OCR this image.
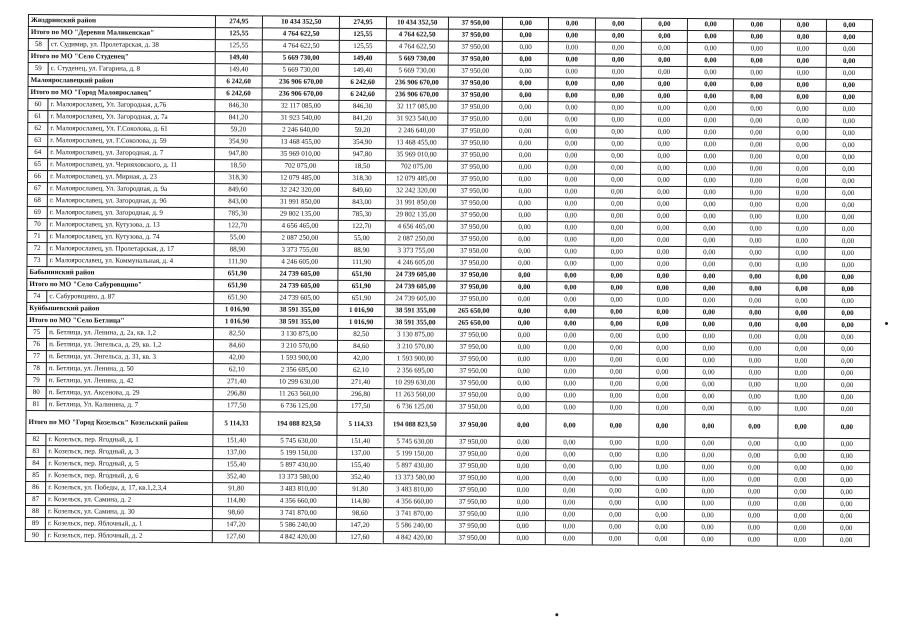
Жиздринский район		274,95	10 434 352,50	274,95	10 434 352,50	37 950,00	0,00	0,00	0,00	0,00	0,00	0,00	0,00	0,00
Итого по МО "Деревня Маликенская"		125,55	4 764 622,50	125,55	4 764 622,50	37 950,00	0,00	0,00	0,00	0,00	0,00	0,00	0,00	0,00
58	ст. Судимир, ул. Пролетарская, д. 38	125,55	4 764 622,50	125,55	4 764 622,50	37 950,00	0,00	0,00	0,00	0,00	0,00	0,00	0,00	0,00
Итого по МО "Село Студенец"		149,40	5 669 730,00	149,40	5 669 730,00	37 950,00	0,00	0,00	0,00	0,00	0,00	0,00	0,00	0,00
59	с. Студенец, ул. Гагарина, д. 8	149,40	5 669 730,00	149,40	5 669 730,00	37 950,00	0,00	0,00	0,00	0,00	0,00	0,00	0,00	0,00
Малоярославецкий район		6 242,60	236 906 670,00	6 242,60	236 906 670,00	37 950,00	0,00	0,00	0,00	0,00	0,00	0,00	0,00	0,00
Итого по МО "Город Малоярославец"		6 242,60	236 906 670,00	6 242,60	236 906 670,00	37 950,00	0,00	0,00	0,00	0,00	0,00	0,00	0,00	0,00
60	г. Малоярославец, Ул. Загородная, д.76	846,30	32 117 085,00	846,30	32 117 085,00	37 950,00	0,00	0,00	0,00	0,00	0,00	0,00	0,00	0,00
61	г. Малоярославец, Ул. Загородная, д. 7а	841,20	31 923 540,00	841,20	31 923 540,00	37 950,00	0,00	0,00	0,00	0,00	0,00	0,00	0,00	0,00
62	г. Малоярославец, Ул. Г.Соколова, д. 61	59,20	2 246 640,00	59,20	2 246 640,00	37 950,00	0,00	0,00	0,00	0,00	0,00	0,00	0,00	0,00
63	г. Малоярославец, ул. Г.Соколова, д. 59	354,90	13 468 455,00	354,90	13 468 455,00	37 950,00	0,00	0,00	0,00	0,00	0,00	0,00	0,00	0,00
64	г. Малоярославец, ул. Загородная, д. 7	947,80	35 969 010,00	947,80	35 969 010,00	37 950,00	0,00	0,00	0,00	0,00	0,00	0,00	0,00	0,00
65	г. Малоярославец, ул. Черняховского, д. 11	18,50	702 075,00	18,50	702 075,00	37 950,00	0,00	0,00	0,00	0,00	0,00	0,00	0,00	0,00
66	г. Малоярославец, ул. Мирная, д. 23	318,30	12 079 485,00	318,30	12 079 485,00	37 950,00	0,00	0,00	0,00	0,00	0,00	0,00	0,00	0,00
67	г. Малоярославец, Ул. Загородная, д. 9а	849,60	32 242 320,00	849,60	32 242 320,00	37 950,00	0,00	0,00	0,00	0,00	0,00	0,00	0,00	0,00
68	г. Малоярославец, ул. Загородная, д. 9б	843,00	31 991 850,00	843,00	31 991 850,00	37 950,00	0,00	0,00	0,00	0,00	0,00	0,00	0,00	0,00
69	г. Малоярославец, ул. Загородная, д. 9	785,30	29 802 135,00	785,30	29 802 135,00	37 950,00	0,00	0,00	0,00	0,00	0,00	0,00	0,00	0,00
70	г. Малоярославец, ул. Кутузова, д. 13	122,70	4 656 465,00	122,70	4 656 465,00	37 950,00	0,00	0,00	0,00	0,00	0,00	0,00	0,00	0,00
71	г. Малоярославец, ул. Кутузова, д. 74	55,00	2 087 250,00	55,00	2 087 250,00	37 950,00	0,00	0,00	0,00	0,00	0,00	0,00	0,00	0,00
72	г. Малоярославец, ул. Пролетарская, д. 17	88,90	3 373 755,00	88,90	3 373 755,00	37 950,00	0,00	0,00	0,00	0,00	0,00	0,00	0,00	0,00
73	г. Малоярославец, ул. Коммунальная, д. 4	111,90	4 246 605,00	111,90	4 246 605,00	37 950,00	0,00	0,00	0,00	0,00	0,00	0,00	0,00	0,00
Бабынинский район		651,90	24 739 605,00	651,90	24 739 605,00	37 950,00	0,00	0,00	0,00	0,00	0,00	0,00	0,00	0,00
Итого по МО "Село Сабуровщино"		651,90	24 739 605,00	651,90	24 739 605,00	37 950,00	0,00	0,00	0,00	0,00	0,00	0,00	0,00	0,00
74	с. Сабуровщино, д. 87	651,90	24 739 605,00	651,90	24 739 605,00	37 950,00	0,00	0,00	0,00	0,00	0,00	0,00	0,00	0,00
Куйбышевский район		1 016,90	38 591 355,00	1 016,90	38 591 355,00	265 650,00	0,00	0,00	0,00	0,00	0,00	0,00	0,00	0,00
Итого по МО "Село Бетлица"		1 016,90	38 591 355,00	1 016,90	38 591 355,00	265 650,00	0,00	0,00	0,00	0,00	0,00	0,00	0,00	0,00
75	п. Бетлица, ул. Ленина, д. 2а, кв. 1,2	82,50	3 130 875,00	82,50	3 130 875,00	37 950,00	0,00	0,00	0,00	0,00	0,00	0,00	0,00	0,00
76	п. Бетлица, ул. Энгельса, д. 29, кв. 1,2	84,60	3 210 570,00	84,60	3 210 570,00	37 950,00	0,00	0,00	0,00	0,00	0,00	0,00	0,00	0,00
77	п. Бетлица, ул. Энгельса, д. 31, кв. 3	42,00	1 593 900,00	42,00	1 593 900,00	37 950,00	0,00	0,00	0,00	0,00	0,00	0,00	0,00	0,00
78	п. Бетлица, ул. Ленина, д. 50	62,10	2 356 695,00	62,10	2 356 695,00	37 950,00	0,00	0,00	0,00	0,00	0,00	0,00	0,00	0,00
79	п. Бетлица, ул. Ленина, д. 42	271,40	10 299 630,00	271,40	10 299 630,00	37 950,00	0,00	0,00	0,00	0,00	0,00	0,00	0,00	0,00
80	п. Бетлица, ул. Аксенова, д. 29	296,80	11 263 560,00	296,80	11 263 560,00	37 950,00	0,00	0,00	0,00	0,00	0,00	0,00	0,00	0,00
81	п. Бетлица, Ул. Калинина, д. 7	177,50	6 736 125,00	177,50	6 736 125,00	37 950,00	0,00	0,00	0,00	0,00	0,00	0,00	0,00	0,00
Итого по МО "Город Козельск" Козельский район		5 114,33	194 088 823,50	5 114,33	194 088 823,50	37 950,00	0,00	0,00	0,00	0,00	0,00	0,00	0,00	0,00
82	г. Козельск, пер. Ягодный, д. 1	151,40	5 745 630,00	151,40	5 745 630,00	37 950,00	0,00	0,00	0,00	0,00	0,00	0,00	0,00	0,00
83	г. Козельск, пер. Ягодный, д. 3	137,00	5 199 150,00	137,00	5 199 150,00	37 950,00	0,00	0,00	0,00	0,00	0,00	0,00	0,00	0,00
84	г. Козельск, пер. Ягодный, д. 5	155,40	5 897 430,00	155,40	5 897 430,00	37 950,00	0,00	0,00	0,00	0,00	0,00	0,00	0,00	0,00
85	г. Козельск, пер. Ягодный, д. 6	352,40	13 373 580,00	352,40	13 373 580,00	37 950,00	0,00	0,00	0,00	0,00	0,00	0,00	0,00	0,00
86	г. Козельск, ул. Победы, д. 17, кв.1,2,3,4	91,80	3 483 810,00	91,80	3 483 810,00	37 950,00	0,00	0,00	0,00	0,00	0,00	0,00	0,00	0,00
87	г. Козельск, ул. Самина, д. 2	114,80	4 356 660,00	114,80	4 356 660,00	37 950,00	0,00	0,00	0,00	0,00	0,00	0,00	0,00	0,00
88	г. Козельск, ул. Самина, д. 30	98,60	3 741 870,00	98,60	3 741 870,00	37 950,00	0,00	0,00	0,00	0,00	0,00	0,00	0,00	0,00
89	г. Козельск, пер. Яблочный, д. 1	147,20	5 586 240,00	147,20	5 586 240,00	37 950,00	0,00	0,00	0,00	0,00	0,00	0,00	0,00	0,00
90	г. Козельск, пер. Яблочный, д. 2	127,60	4 842 420,00	127,60	4 842 420,00	37 950,00	0,00	0,00	0,00	0,00	0,00	0,00	0,00	0,00
